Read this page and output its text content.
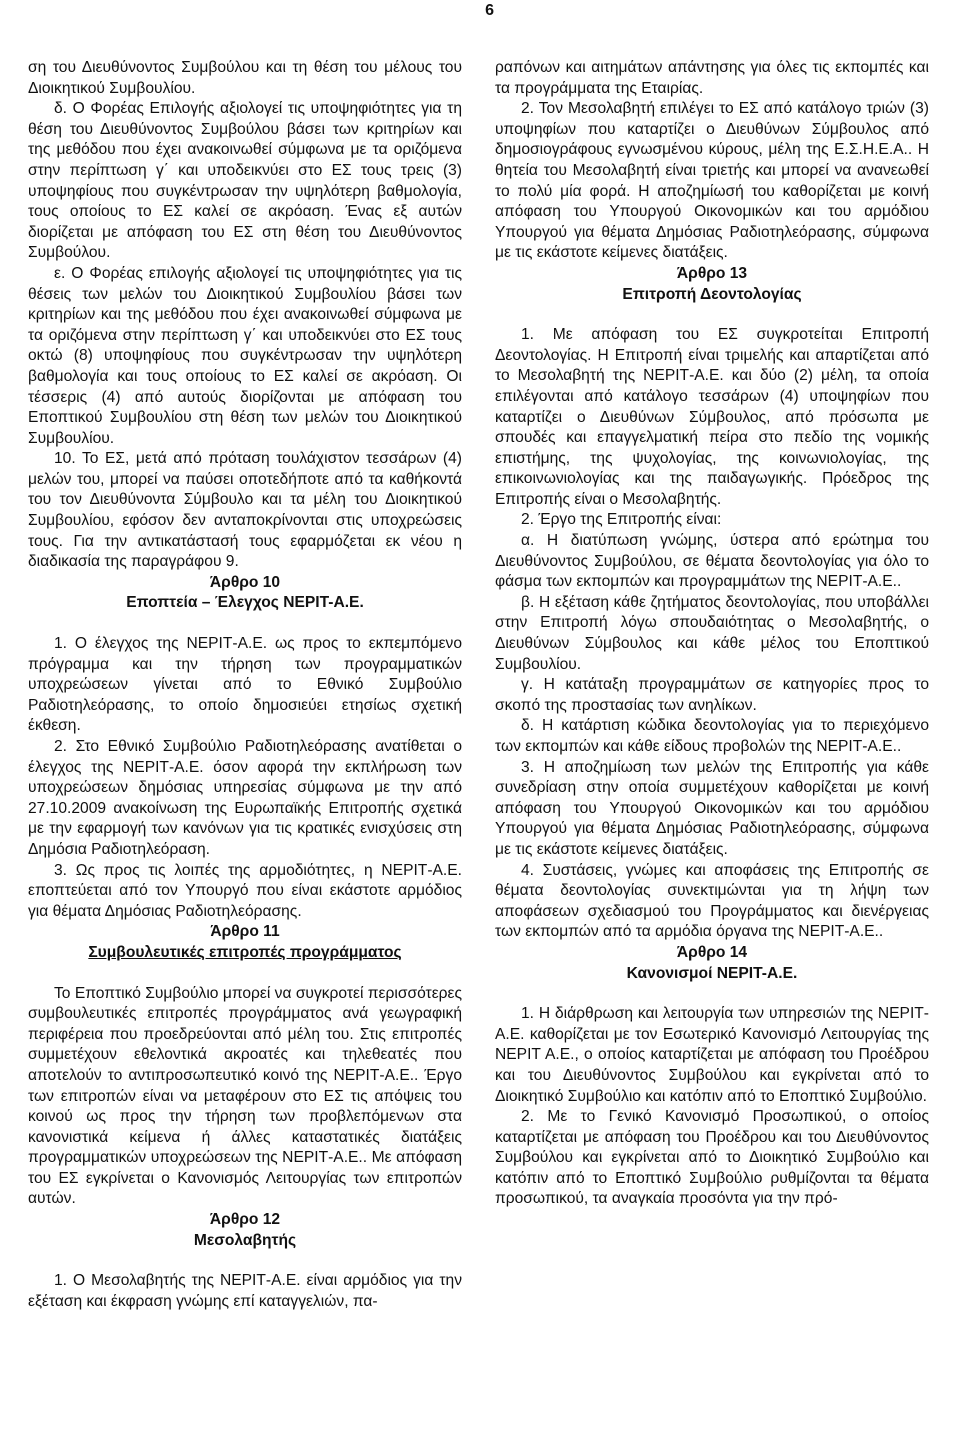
6

ση του Διευθύνοντος Συμβούλου και τη θέση του μέλους του Διοικητικού Συμβουλίου.

δ. Ο Φορέας Επιλογής αξιολογεί τις υποψηφιότητες για τη θέση του Διευθύνοντος Συμβούλου βάσει των κριτηρίων και της μεθόδου που έχει ανακοινωθεί σύμφωνα με τα οριζόμενα στην περίπτωση γ΄ και υποδεικνύει στο ΕΣ τους τρεις (3) υποψηφίους που συγκέντρωσαν την υψηλότερη βαθμολογία, τους οποίους το ΕΣ καλεί σε ακρόαση. Ένας εξ αυτών διορίζεται με απόφαση του ΕΣ στη θέση του Διευθύνοντος Συμβούλου.

ε. Ο Φορέας επιλογής αξιολογεί τις υποψηφιότητες για τις θέσεις των μελών του Διοικητικού Συμβουλίου βάσει των κριτηρίων και της μεθόδου που έχει ανακοινωθεί σύμφωνα με τα οριζόμενα στην περίπτωση γ΄ και υποδεικνύει στο ΕΣ τους οκτώ (8) υποψηφίους που συγκέντρωσαν την υψηλότερη βαθμολογία και τους οποίους το ΕΣ καλεί σε ακρόαση. Οι τέσσερις (4) από αυτούς διορίζονται με απόφαση του Εποπτικού Συμβουλίου στη θέση των μελών του Διοικητικού Συμβουλίου.

10. Το ΕΣ, μετά από πρόταση τουλάχιστον τεσσάρων (4) μελών του, μπορεί να παύσει οποτεδήποτε από τα καθήκοντά του τον Διευθύνοντα Σύμβουλο και τα μέλη του Διοικητικού Συμβουλίου, εφόσον δεν ανταποκρίνονται στις υποχρεώσεις τους. Για την αντικατάστασή τους εφαρμόζεται εκ νέου η διαδικασία της παραγράφου 9.

Άρθρο 10

Εποπτεία – Έλεγχος ΝΕΡΙΤ-Α.Ε.

1. Ο έλεγχος της ΝΕΡΙΤ-Α.Ε. ως προς το εκπεμπόμενο πρόγραμμα και την τήρηση των προγραμματικών υποχρεώσεων γίνεται από το Εθνικό Συμβούλιο Ραδιοτηλεόρασης, το οποίο δημοσιεύει ετησίως σχετική έκθεση.

2. Στο Εθνικό Συμβούλιο Ραδιοτηλεόρασης ανατίθεται ο έλεγχος της ΝΕΡΙΤ-Α.Ε. όσον αφορά την εκπλήρωση των υποχρεώσεων δημόσιας υπηρεσίας σύμφωνα με την από 27.10.2009 ανακοίνωση της Ευρωπαϊκής Επιτροπής σχετικά με την εφαρμογή των κανόνων για τις κρατικές ενισχύσεις στη Δημόσια Ραδιοτηλεόραση.

3. Ως προς τις λοιπές της αρμοδιότητες, η ΝΕΡΙΤ-Α.Ε. εποπτεύεται από τον Υπουργό που είναι εκάστοτε αρμόδιος για θέματα Δημόσιας Ραδιοτηλεόρασης.

Άρθρο 11

Συμβουλευτικές επιτροπές προγράμματος

Το Εποπτικό Συμβούλιο μπορεί να συγκροτεί περισσότερες συμβουλευτικές επιτροπές προγράμματος ανά γεωγραφική περιφέρεια που προεδρεύονται από μέλη του. Στις επιτροπές συμμετέχουν εθελοντικά ακροατές και τηλεθεατές που αποτελούν το αντιπροσωπευτικό κοινό της ΝΕΡΙΤ-Α.Ε.. Έργο των επιτροπών είναι να μεταφέρουν στο ΕΣ τις απόψεις του κοινού ως προς την τήρηση των προβλεπόμενων στα κανονιστικά κείμενα ή άλλες καταστατικές διατάξεις προγραμματικών υποχρεώσεων της ΝΕΡΙΤ-Α.Ε.. Με απόφαση του ΕΣ εγκρίνεται ο Κανονισμός Λειτουργίας των επιτροπών αυτών.

Άρθρο 12

Μεσολαβητής

1. Ο Μεσολαβητής της ΝΕΡΙΤ-Α.Ε. είναι αρμόδιος για την εξέταση και έκφραση γνώμης επί καταγγελιών, πα-

ραπόνων και αιτημάτων απάντησης για όλες τις εκπομπές και τα προγράμματα της Εταιρίας.

2. Τον Μεσολαβητή επιλέγει το ΕΣ από κατάλογο τριών (3) υποψηφίων που καταρτίζει ο Διευθύνων Σύμβουλος από δημοσιογράφους εγνωσμένου κύρους, μέλη της Ε.Σ.Η.Ε.Α.. Η θητεία του Μεσολαβητή είναι τριετής και μπορεί να ανανεωθεί το πολύ μία φορά. Η αποζημίωσή του καθορίζεται με κοινή απόφαση του Υπουργού Οικονομικών και του αρμόδιου Υπουργού για θέματα Δημόσιας Ραδιοτηλεόρασης, σύμφωνα με τις εκάστοτε κείμενες διατάξεις.

Άρθρο 13

Επιτροπή Δεοντολογίας

1. Με απόφαση του ΕΣ συγκροτείται Επιτροπή Δεοντολογίας. Η Επιτροπή είναι τριμελής και απαρτίζεται από το Μεσολαβητή της ΝΕΡΙΤ-Α.Ε. και δύο (2) μέλη, τα οποία επιλέγονται από κατάλογο τεσσάρων (4) υποψηφίων που καταρτίζει ο Διευθύνων Σύμβουλος, από πρόσωπα με σπουδές και επαγγελματική πείρα στο πεδίο της νομικής επιστήμης, της ψυχολογίας, της κοινωνιολογίας, της επικοινωνιολογίας και της παιδαγωγικής. Πρόεδρος της Επιτροπής είναι ο Μεσολαβητής.

2. Έργο της Επιτροπής είναι:

α. Η διατύπωση γνώμης, ύστερα από ερώτημα του Διευθύνοντος Συμβούλου, σε θέματα δεοντολογίας για όλο το φάσμα των εκπομπών και προγραμμάτων της ΝΕΡΙΤ-Α.Ε..

β. Η εξέταση κάθε ζητήματος δεοντολογίας, που υποβάλλει στην Επιτροπή λόγω σπουδαιότητας ο Μεσολαβητής, ο Διευθύνων Σύμβουλος και κάθε μέλος του Εποπτικού Συμβουλίου.

γ. Η κατάταξη προγραμμάτων σε κατηγορίες προς το σκοπό της προστασίας των ανηλίκων.

δ. Η κατάρτιση κώδικα δεοντολογίας για το περιεχόμενο των εκπομπών και κάθε είδους προβολών της ΝΕΡΙΤ-Α.Ε..

3. Η αποζημίωση των μελών της Επιτροπής για κάθε συνεδρίαση στην οποία συμμετέχουν καθορίζεται με κοινή απόφαση του Υπουργού Οικονομικών και του αρμόδιου Υπουργού για θέματα Δημόσιας Ραδιοτηλεόρασης, σύμφωνα με τις εκάστοτε κείμενες διατάξεις.

4. Συστάσεις, γνώμες και αποφάσεις της Επιτροπής σε θέματα δεοντολογίας συνεκτιμώνται για τη λήψη των αποφάσεων σχεδιασμού του Προγράμματος και διενέργειας των εκπομπών από τα αρμόδια όργανα της ΝΕΡΙΤ-Α.Ε..

Άρθρο 14

Κανονισμοί ΝΕΡΙΤ-Α.Ε.

1. Η διάρθρωση και λειτουργία των υπηρεσιών της ΝΕΡΙΤ-Α.Ε. καθορίζεται με τον Εσωτερικό Κανονισμό Λειτουργίας της ΝΕΡΙΤ Α.Ε., ο οποίος καταρτίζεται με απόφαση του Προέδρου και του Διευθύνοντος Συμβούλου και εγκρίνεται από το Διοικητικό Συμβούλιο και κατόπιν από το Εποπτικό Συμβούλιο.

2. Με το Γενικό Κανονισμό Προσωπικού, ο οποίος καταρτίζεται με απόφαση του Προέδρου και του Διευθύνοντος Συμβούλου και εγκρίνεται από το Διοικητικό Συμβούλιο και κατόπιν από το Εποπτικό Συμβούλιο ρυθμίζονται τα θέματα προσωπικού, τα αναγκαία προσόντα για την πρό-
